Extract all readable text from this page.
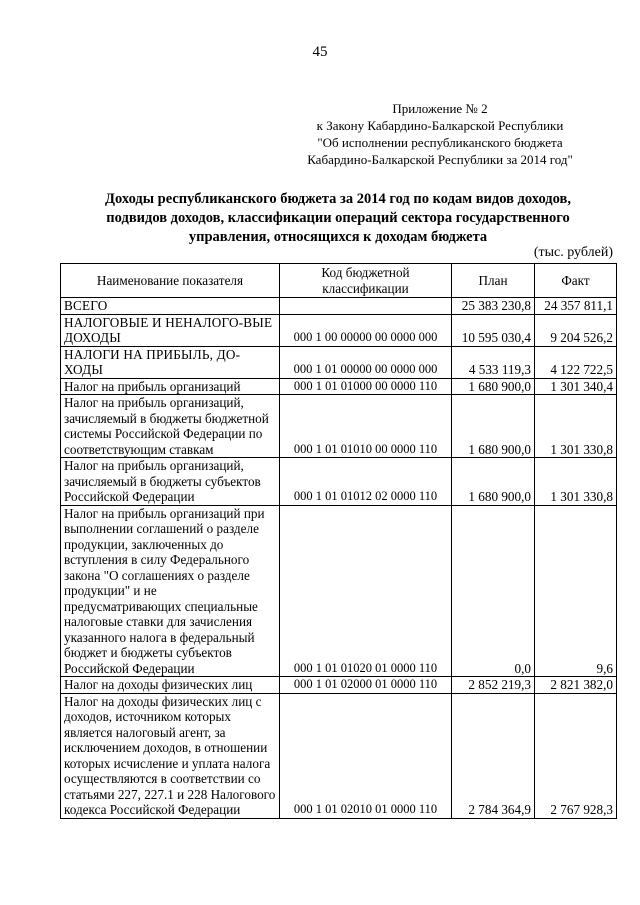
45
Приложение № 2
к Закону Кабардино-Балкарской Республики
"Об исполнении республиканского бюджета
Кабардино-Балкарской Республики за 2014 год"
Доходы республиканского бюджета за 2014 год по кодам видов доходов,
подвидов доходов, классификации операций сектора государственного
управления, относящихся к доходам бюджета
(тыс. рублей)
Наименование показателя	Код бюджетной классификации	План	Факт
ВСЕГО		25 383 230,8	24 357 811,1
НАЛОГОВЫЕ И НЕНАЛОГО-ВЫЕ ДОХОДЫ	000 1 00 00000 00 0000 000	10 595 030,4	9 204 526,2
НАЛОГИ НА ПРИБЫЛЬ, ДО-ХОДЫ	000 1 01 00000 00 0000 000	4 533 119,3	4 122 722,5
Налог на прибыль организаций	000 1 01 01000 00 0000 110	1 680 900,0	1 301 340,4
Налог на прибыль организаций, зачисляемый в бюджеты бюджетной системы Российской Федерации по соответствующим ставкам	000 1 01 01010 00 0000 110	1 680 900,0	1 301 330,8
Налог на прибыль организаций, зачисляемый в бюджеты субъектов Российской Федерации	000 1 01 01012 02 0000 110	1 680 900,0	1 301 330,8
Налог на прибыль организаций при выполнении соглашений о разделе продукции, заключенных до вступления в силу Федерального закона "О соглашениях о разделе продукции" и не предусматривающих специальные налоговые ставки для зачисления указанного налога в федеральный бюджет и бюджеты субъектов Российской Федерации	000 1 01 01020 01 0000 110	0,0	9,6
Налог на доходы физических лиц	000 1 01 02000 01 0000 110	2 852 219,3	2 821 382,0
Налог на доходы физических лиц с доходов, источником которых является налоговый агент, за исключением доходов, в отношении которых исчисление и уплата налога осуществляются в соответствии со статьями 227, 227.1 и 228 Налогового кодекса Российской Федерации	000 1 01 02010 01 0000 110	2 784 364,9	2 767 928,3
